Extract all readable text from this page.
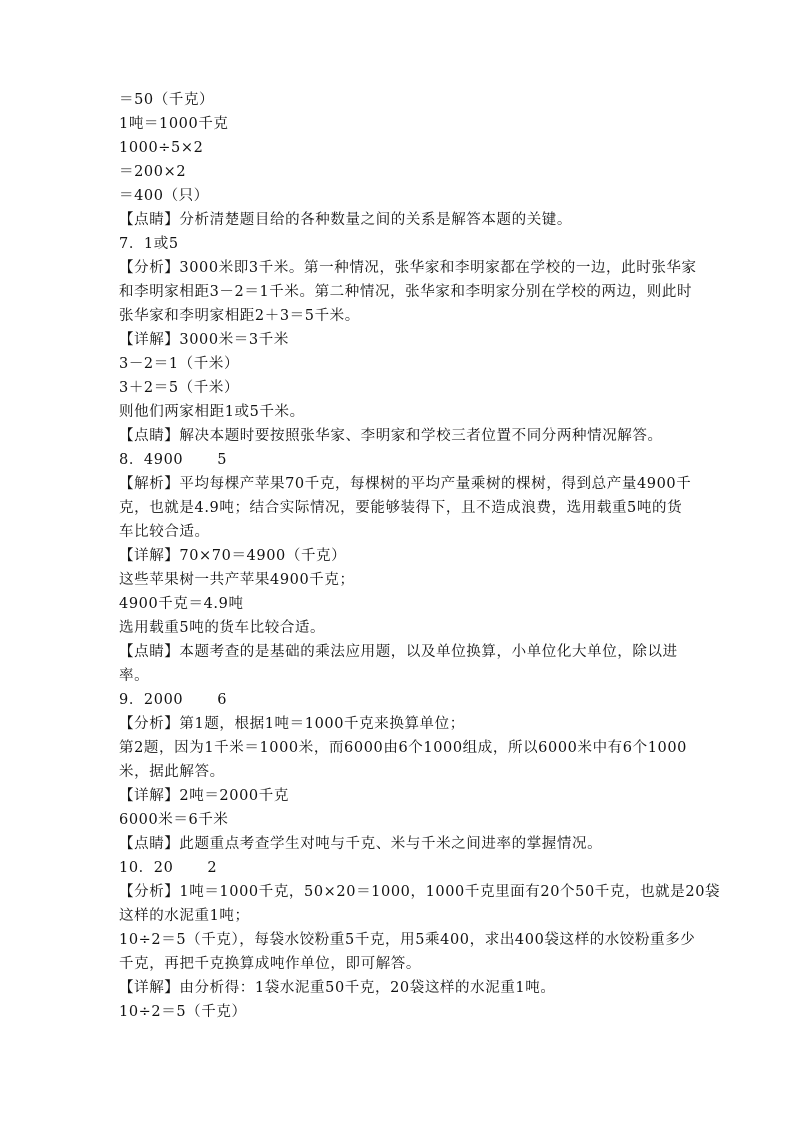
＝50（千克）
1吨＝1000千克
1000÷5×2
＝200×2
＝400（只）
【点睛】分析清楚题目给的各种数量之间的关系是解答本题的关键。
7．1或5
【分析】3000米即3千米。第一种情况，张华家和李明家都在学校的一边，此时张华家
和李明家相距3－2＝1千米。第二种情况，张华家和李明家分别在学校的两边，则此时
张华家和李明家相距2＋3＝5千米。
【详解】3000米＝3千米
3－2＝1（千米）
3＋2＝5（千米）
则他们两家相距1或5千米。
【点睛】解决本题时要按照张华家、李明家和学校三者位置不同分两种情况解答。
8．4900 5
【解析】平均每棵产苹果70千克，每棵树的平均产量乘树的棵树，得到总产量4900千
克，也就是4.9吨；结合实际情况，要能够装得下，且不造成浪费，选用载重5吨的货
车比较合适。
【详解】70×70＝4900（千克）
这些苹果树一共产苹果4900千克；
4900千克＝4.9吨
选用载重5吨的货车比较合适。
【点睛】本题考查的是基础的乘法应用题，以及单位换算，小单位化大单位，除以进
率。
9．2000 6
【分析】第1题，根据1吨＝1000千克来换算单位；
第2题，因为1千米＝1000米，而6000由6个1000组成，所以6000米中有6个1000
米，据此解答。
【详解】2吨＝2000千克
6000米＝6千米
【点睛】此题重点考查学生对吨与千克、米与千米之间进率的掌握情况。
10．20 2
【分析】1吨＝1000千克，50×20＝1000，1000千克里面有20个50千克，也就是20袋
这样的水泥重1吨；
10÷2＝5（千克），每袋水饺粉重5千克，用5乘400，求出400袋这样的水饺粉重多少
千克，再把千克换算成吨作单位，即可解答。
【详解】由分析得：1袋水泥重50千克，20袋这样的水泥重1吨。
10÷2＝5（千克）
